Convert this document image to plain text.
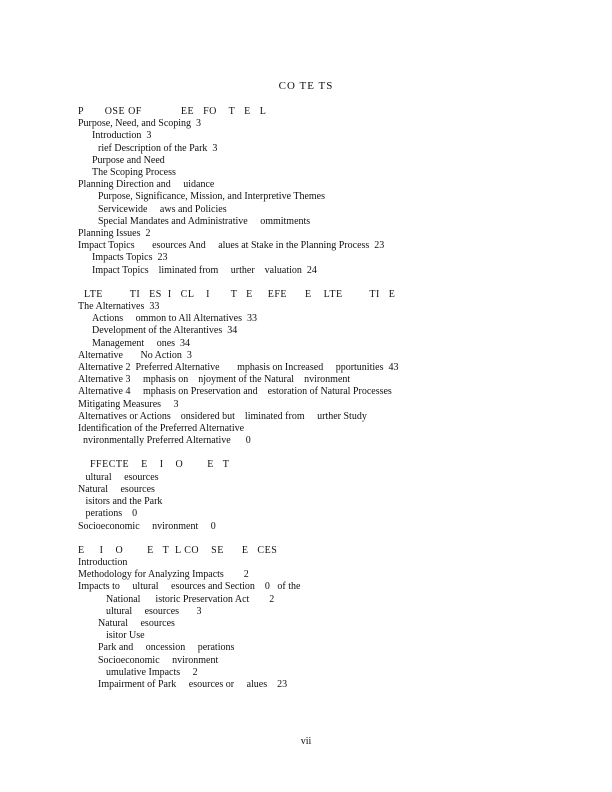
CO TE TS
P       OSE OF             EE   FO    T   E   L
Purpose, Need, and Scoping  3
Introduction  3
rief Description of the Park  3
Purpose and Need
The Scoping Process
Planning Direction and     uidance
Purpose, Significance, Mission, and Interpretive Themes
Servicewide     aws and Policies
Special Mandates and Administrative     ommitments
Planning Issues  2
Impact Topics       esources And     alues at Stake in the Planning Process  23
Impacts Topics  23
Impact Topics    liminated from     urther    valuation  24
LTE         TI   ES  I   CL    I       T   E     EFE      E    LTE         TI   E
The Alternatives  33
Actions     ommon to All Alternatives  33
Development of the Alterantives  34
Management     ones  34
Alternative       No Action  3
Alternative 2  Preferred Alternative       mphasis on Increased     pportunities  43
Alternative 3     mphasis on    njoyment of the Natural    nvironment
Alternative 4     mphasis on Preservation and    estoration of Natural Processes
Mitigating Measures     3
Alternatives or Actions    onsidered but    liminated from     urther Study
Identification of the Preferred Alternative
nvironmentally Preferred Alternative      0
FFECTE    E    I    O        E   T
ultural     esources
Natural     esources
isitors and the Park
perations    0
Socioeconomic     nvironment     0
E     I    O        E   T  L CO    SE      E   CES
Introduction
Methodology for Analyzing Impacts        2
Impacts to     ultural     esources and Section    0   of the
National      istoric Preservation Act        2
ultural     esources       3
Natural     esources
isitor Use
Park and     oncession     perations
Socioeconomic     nvironment
umulative Impacts     2
Impairment of Park     esources or     alues    23
vii
